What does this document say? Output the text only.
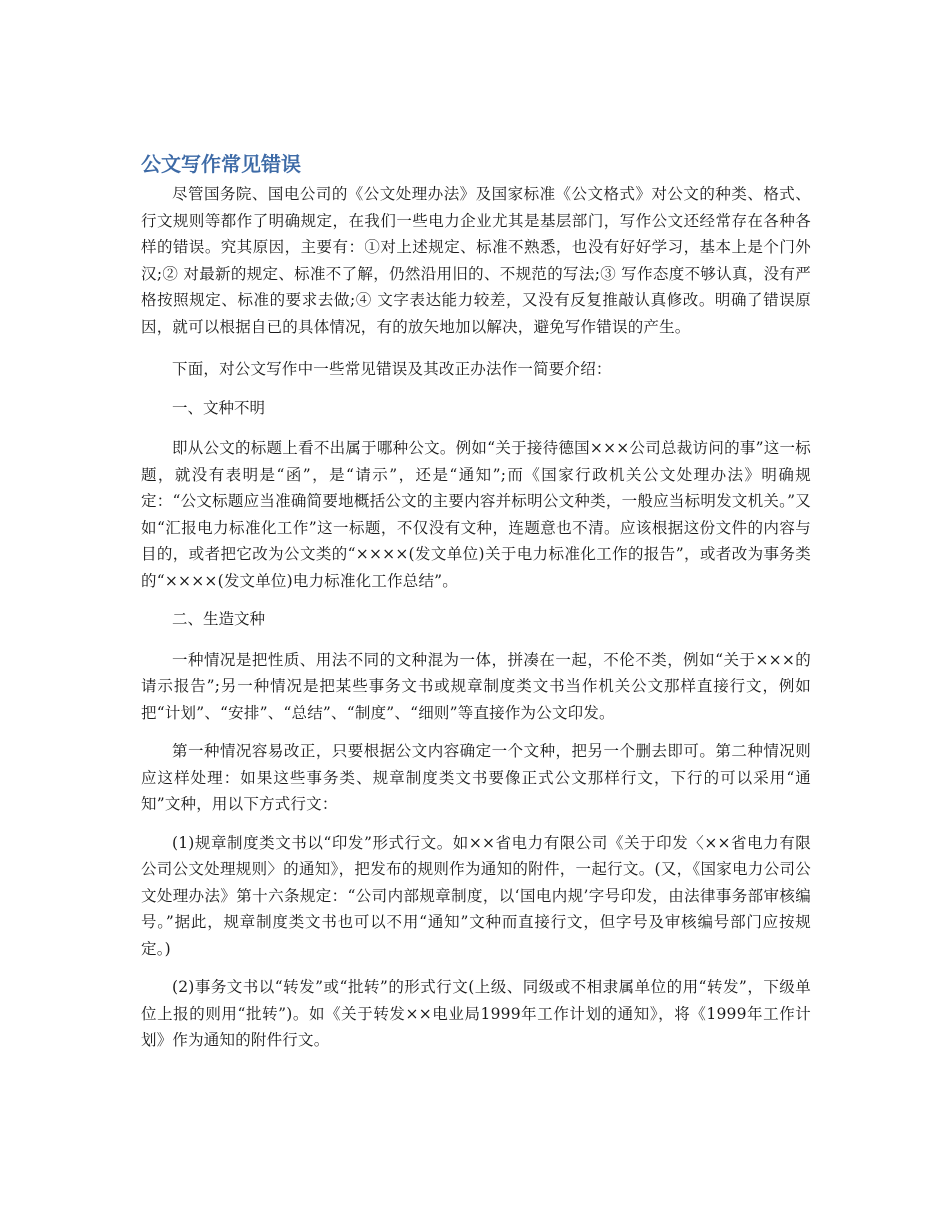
公文写作常见错误

尽管国务院、国电公司的《公文处理办法》及国家标准《公文格式》对公文的种类、格式、行文规则等都作了明确规定，在我们一些电力企业尤其是基层部门，写作公文还经常存在各种各样的错误。究其原因，主要有：①对上述规定、标准不熟悉，也没有好好学习，基本上是个门外汉;② 对最新的规定、标准不了解，仍然沿用旧的、不规范的写法;③ 写作态度不够认真，没有严格按照规定、标准的要求去做;④ 文字表达能力较差，又没有反复推敲认真修改。明确了错误原因，就可以根据自已的具体情况，有的放矢地加以解决，避免写作错误的产生。

下面，对公文写作中一些常见错误及其改正办法作一简要介绍：

一、文种不明

即从公文的标题上看不出属于哪种公文。例如“关于接待德国×××公司总裁访问的事”这一标题，就没有表明是“函”，是“请示”，还是“通知”;而《国家行政机关公文处理办法》明确规定：“公文标题应当准确简要地概括公文的主要内容并标明公文种类，一般应当标明发文机关。”又如“汇报电力标准化工作”这一标题，不仅没有文种，连题意也不清。应该根据这份文件的内容与目的，或者把它改为公文类的“××××(发文单位)关于电力标准化工作的报告”，或者改为事务类的“××××(发文单位)电力标准化工作总结”。

二、生造文种

一种情况是把性质、用法不同的文种混为一体，拼凑在一起，不伦不类，例如“关于×××的请示报告”;另一种情况是把某些事务文书或规章制度类文书当作机关公文那样直接行文，例如把“计划”、“安排”、“总结”、“制度”、“细则”等直接作为公文印发。

第一种情况容易改正，只要根据公文内容确定一个文种，把另一个删去即可。第二种情况则应这样处理：如果这些事务类、规章制度类文书要像正式公文那样行文，下行的可以采用“通知”文种，用以下方式行文：

(1)规章制度类文书以“印发”形式行文。如××省电力有限公司《关于印发〈××省电力有限公司公文处理规则〉的通知》，把发布的规则作为通知的附件，一起行文。(又，《国家电力公司公文处理办法》第十六条规定：“公司内部规章制度，以‘国电内规’字号印发，由法律事务部审核编号。”据此，规章制度类文书也可以不用“通知”文种而直接行文，但字号及审核编号部门应按规定。)

(2)事务文书以“转发”或“批转”的形式行文(上级、同级或不相隶属单位的用“转发”，下级单位上报的则用“批转”)。如《关于转发××电业局1999年工作计划的通知》，将《1999年工作计划》作为通知的附件行文。
